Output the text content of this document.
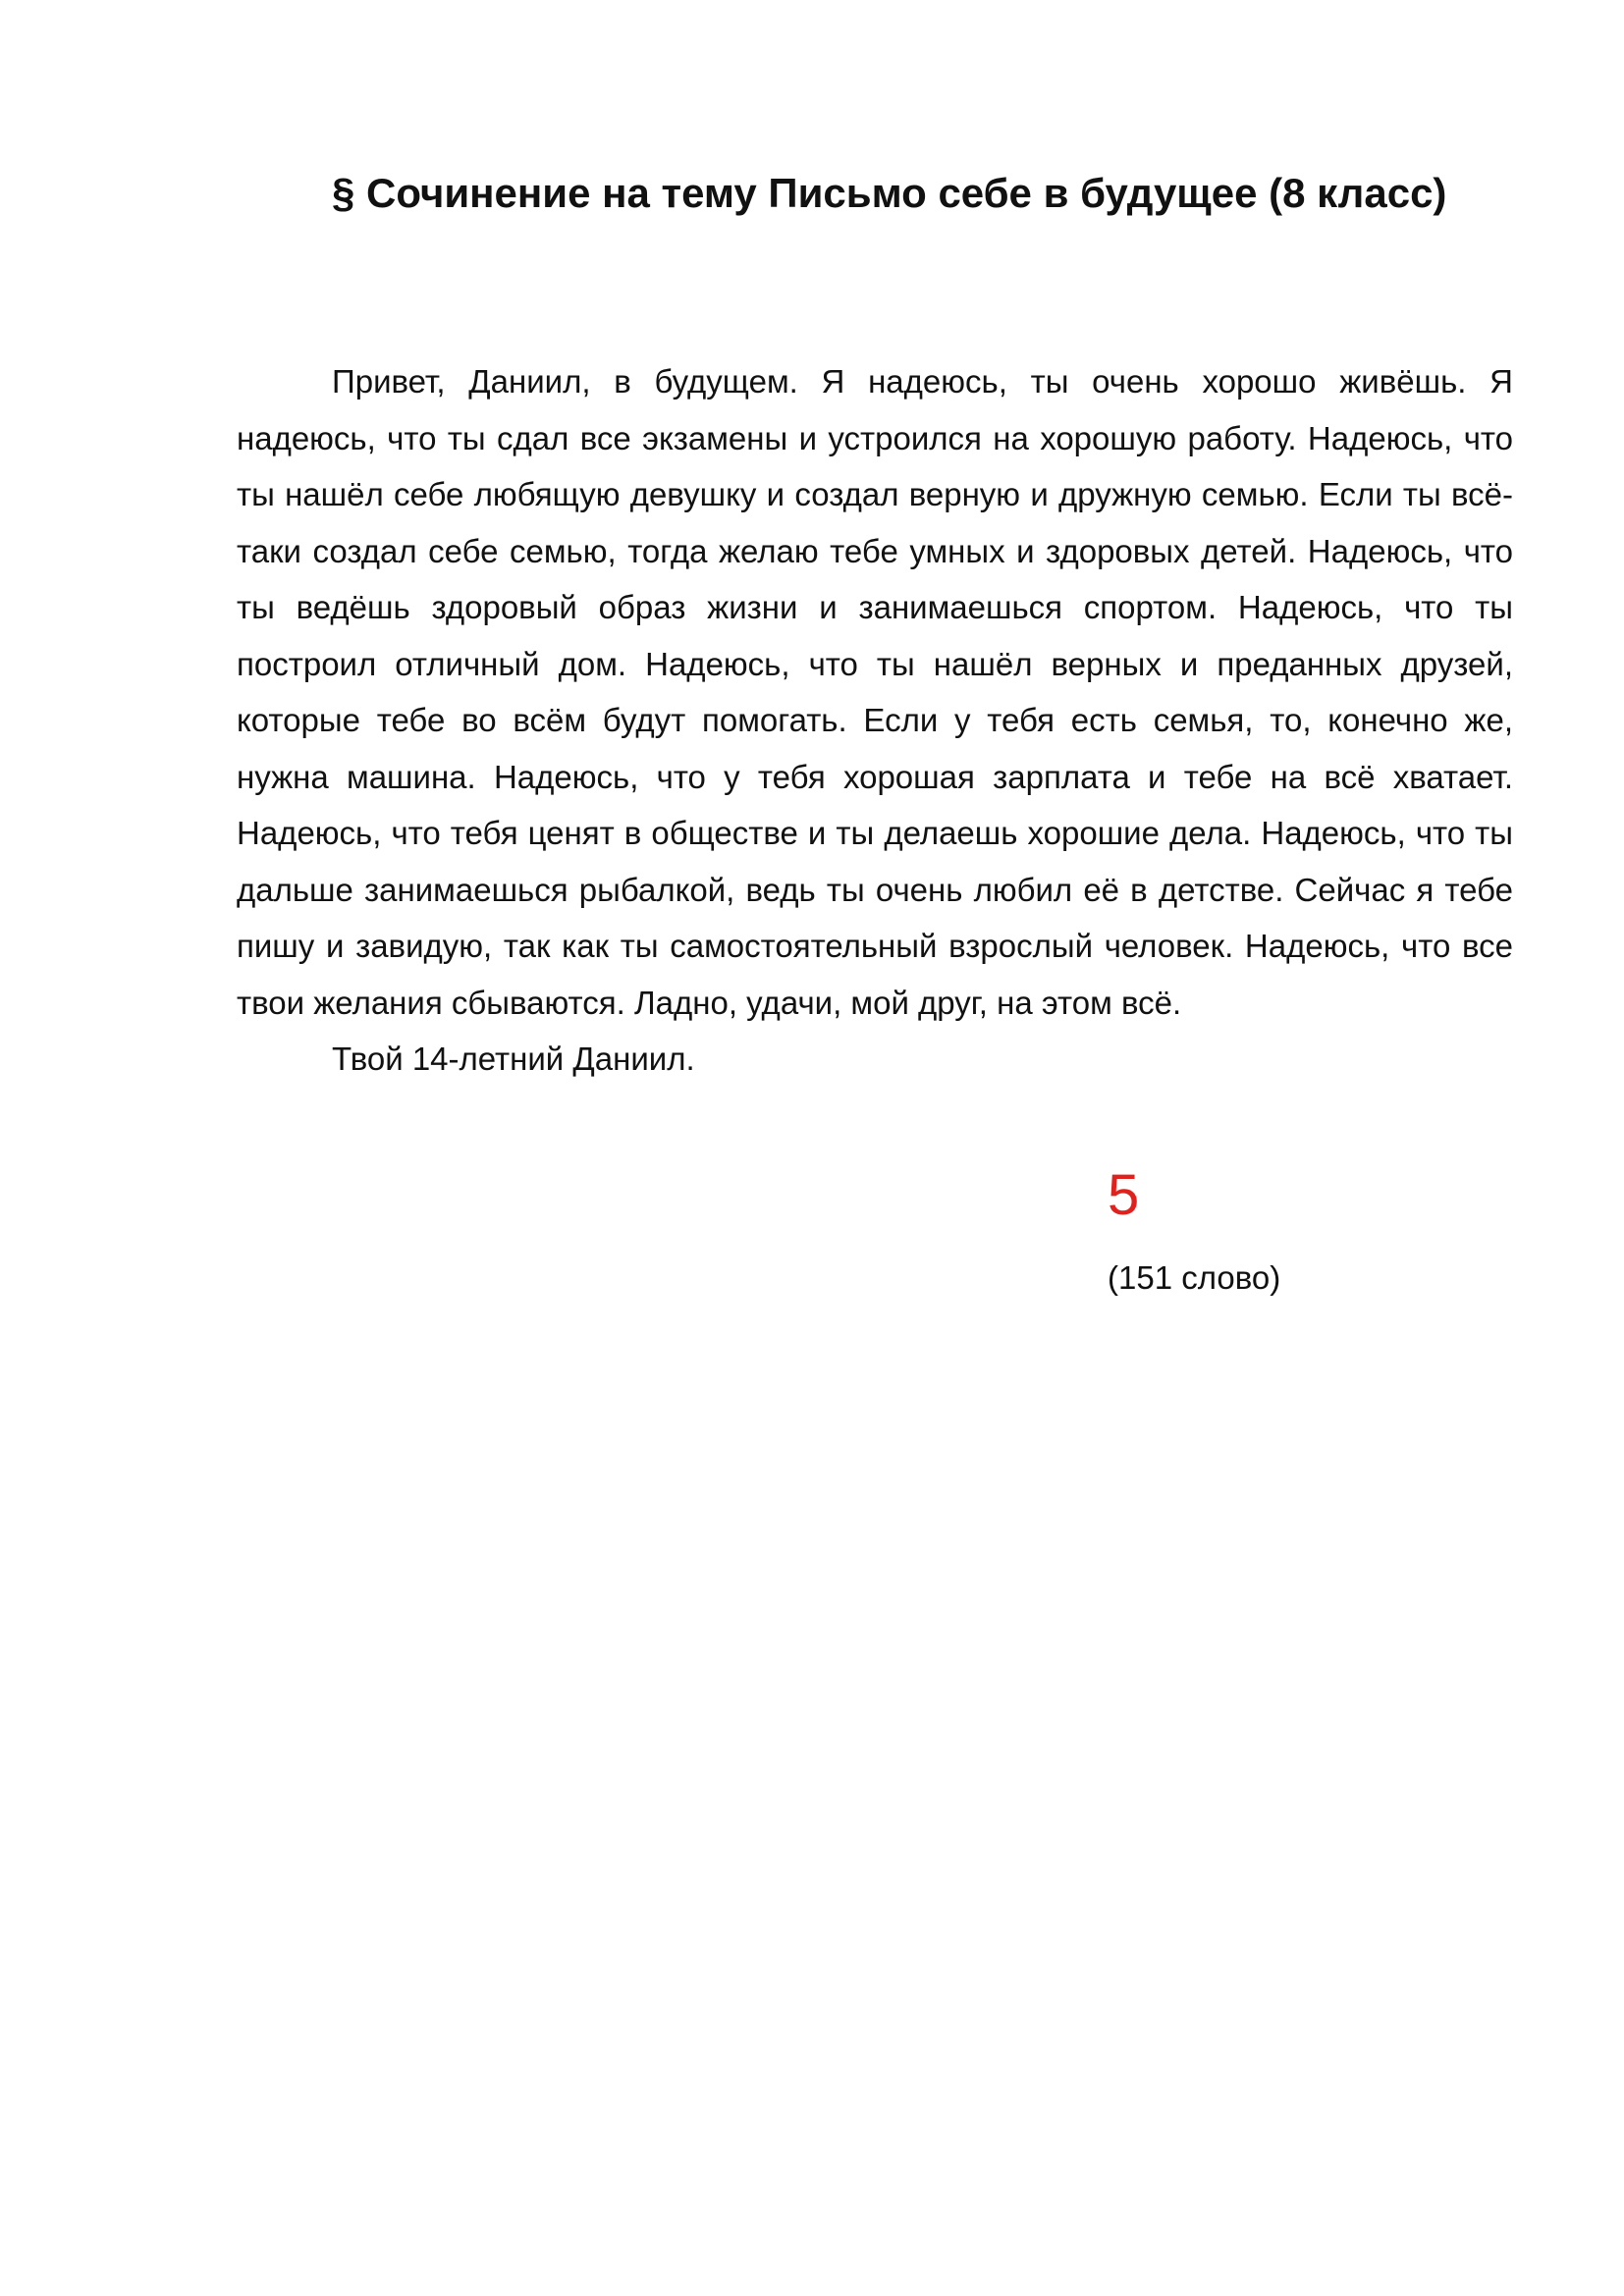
§ Сочинение на тему Письмо себе в будущее (8 класс)

Привет, Даниил, в будущем. Я надеюсь, ты очень хорошо живёшь. Я надеюсь, что ты сдал все экзамены и устроился на хорошую работу. Надеюсь, что ты нашёл себе любящую девушку и создал верную и дружную семью. Если ты всё-таки создал себе семью, тогда желаю тебе умных и здоровых детей. Надеюсь, что ты ведёшь здоровый образ жизни и занимаешься спортом. Надеюсь, что ты построил отличный дом. Надеюсь, что ты нашёл верных и преданных друзей, которые тебе во всём будут помогать. Если у тебя есть семья, то, конечно же, нужна машина. Надеюсь, что у тебя хорошая зарплата и тебе на всё хватает. Надеюсь, что тебя ценят в обществе и ты делаешь хорошие дела. Надеюсь, что ты дальше занимаешься рыбалкой, ведь ты очень любил её в детстве. Сейчас я тебе пишу и завидую, так как ты самостоятельный взрослый человек. Надеюсь, что все твои желания сбываются. Ладно, удачи, мой друг, на этом всё.

Твой 14-летний Даниил.

5

(151 слово)
